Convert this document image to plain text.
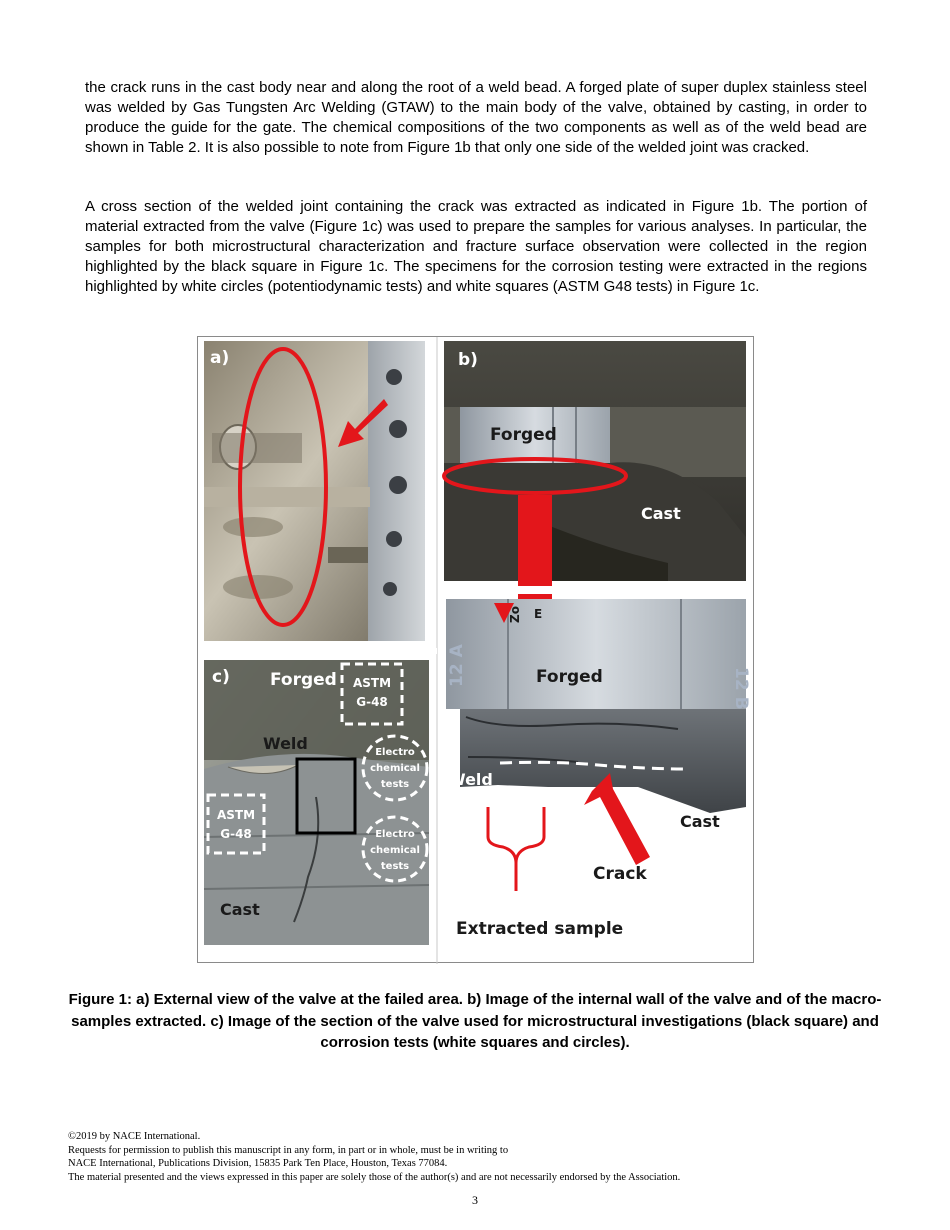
the crack runs in the cast body near and along the root of a weld bead. A forged plate of super duplex stainless steel was welded by Gas Tungsten Arc Welding (GTAW) to the main body of the valve, obtained by casting, in order to produce the guide for the gate. The chemical compositions of the two components as well as of the weld bead are shown in Table 2. It is also possible to note from Figure 1b that only one side of the welded joint was cracked.
A cross section of the welded joint containing the crack was extracted as indicated in Figure 1b. The portion of material extracted from the valve (Figure 1c) was used to prepare the samples for various analyses. In particular, the samples for both microstructural characterization and fracture surface observation were collected in the region highlighted by the black square in Figure 1c. The specimens for the corrosion testing were extracted in the regions highlighted by white circles (potentiodynamic tests) and white squares (ASTM G48 tests) in Figure 1c.
a)	b)
Forged
Cast
12 A
12 B
Zo E
Forged
Weld
Cast
Crack
Extracted sample
c) Forged
Weld
Cast
ASTM
G-48
ASTM
G-48
Electro
chemical
tests
Electro
chemical
tests
Figure 1: a) External view of the valve at the failed area. b) Image of the internal wall of the valve and of the macro-samples extracted. c) Image of the section of the valve used for microstructural investigations (black square) and corrosion tests (white squares and circles).
©2019 by NACE International.
Requests for permission to publish this manuscript in any form, in part or in whole, must be in writing to
NACE International, Publications Division, 15835 Park Ten Place, Houston, Texas 77084.
The material presented and the views expressed in this paper are solely those of the author(s) and are not necessarily endorsed by the Association.
3
